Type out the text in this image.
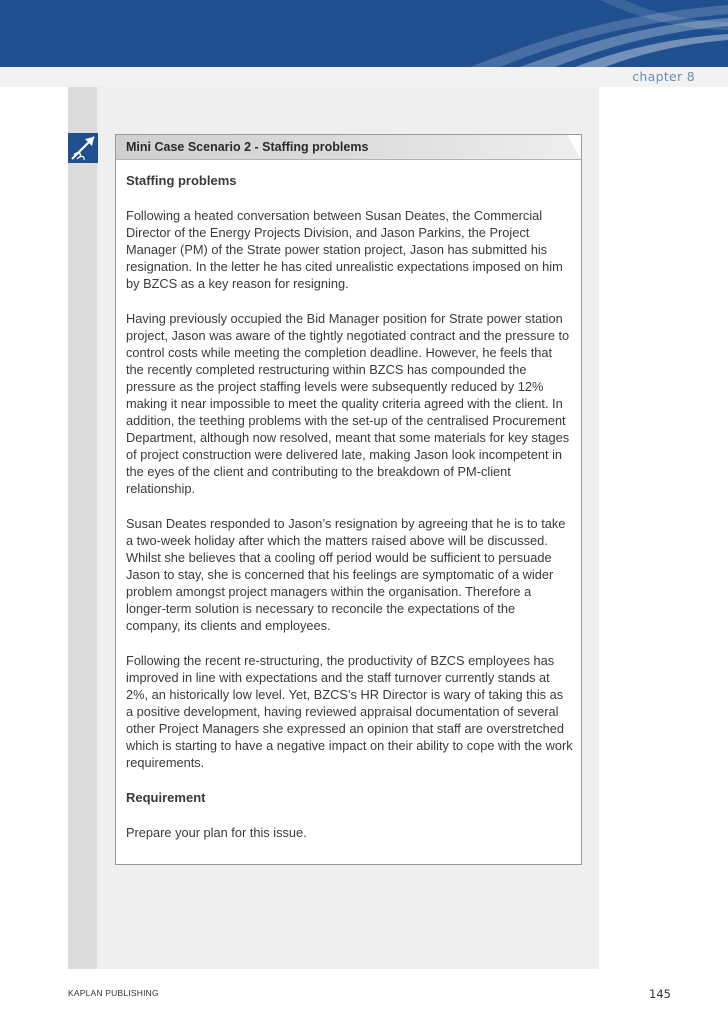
chapter 8
Mini Case Scenario 2 - Staffing problems
Staffing problems

Following a heated conversation between Susan Deates, the Commercial Director of the Energy Projects Division, and Jason Parkins, the Project Manager (PM) of the Strate power station project, Jason has submitted his resignation. In the letter he has cited unrealistic expectations imposed on him by BZCS as a key reason for resigning.

Having previously occupied the Bid Manager position for Strate power station project, Jason was aware of the tightly negotiated contract and the pressure to control costs while meeting the completion deadline. However, he feels that the recently completed restructuring within BZCS has compounded the pressure as the project staffing levels were subsequently reduced by 12% making it near impossible to meet the quality criteria agreed with the client. In addition, the teething problems with the set-up of the centralised Procurement Department, although now resolved, meant that some materials for key stages of project construction were delivered late, making Jason look incompetent in the eyes of the client and contributing to the breakdown of PM-client relationship.

Susan Deates responded to Jason’s resignation by agreeing that he is to take a two-week holiday after which the matters raised above will be discussed. Whilst she believes that a cooling off period would be sufficient to persuade Jason to stay, she is concerned that his feelings are symptomatic of a wider problem amongst project managers within the organisation. Therefore a longer-term solution is necessary to reconcile the expectations of the company, its clients and employees.

Following the recent re-structuring, the productivity of BZCS employees has improved in line with expectations and the staff turnover currently stands at 2%, an historically low level. Yet, BZCS’s HR Director is wary of taking this as a positive development, having reviewed appraisal documentation of several other Project Managers she expressed an opinion that staff are overstretched which is starting to have a negative impact on their ability to cope with the work requirements.

Requirement

Prepare your plan for this issue.

KAPLAN PUBLISHING	145
